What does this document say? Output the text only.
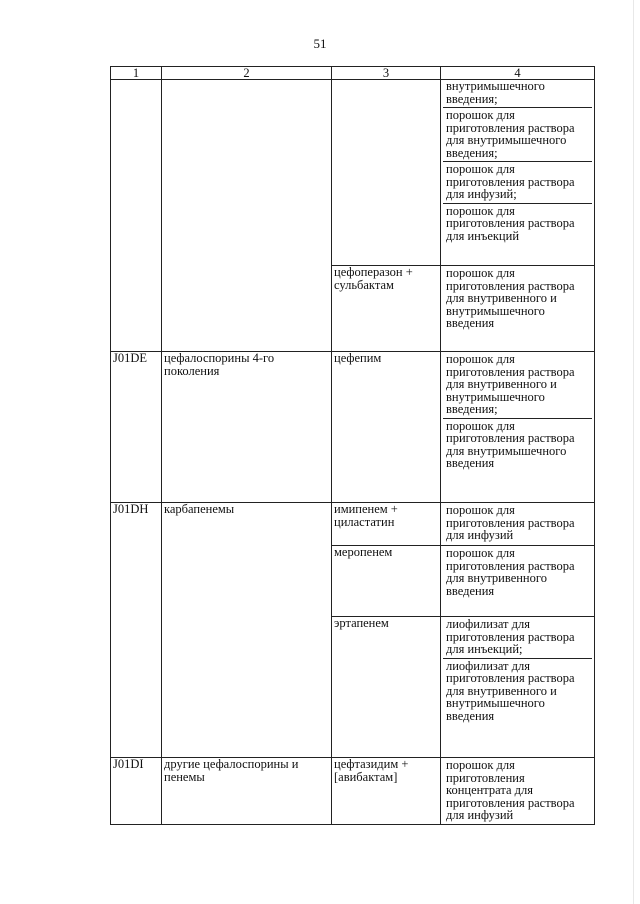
51
1	2	3	4

			внутримышечного введения;
порошок для приготовления раствора для внутримышечного введения;
порошок для приготовления раствора для инфузий;
порошок для приготовления раствора для инъекций

		цефоперазон + сульбактам	порошок для приготовления раствора для внутривенного и внутримышечного введения

J01DE	цефалоспорины 4-го поколения	цефепим	порошок для приготовления раствора для внутривенного и внутримышечного введения;
порошок для приготовления раствора для внутримышечного введения

J01DH	карбапенемы	имипенем + циластатин	порошок для приготовления раствора для инфузий

		меропенем	порошок для приготовления раствора для внутривенного введения

		эртапенем	лиофилизат для приготовления раствора для инъекций;
лиофилизат для приготовления раствора для внутривенного и внутримышечного введения

J01DI	другие цефалоспорины и пенемы	цефтазидим + [авибактам]	порошок для приготовления концентрата для приготовления раствора для инфузий
